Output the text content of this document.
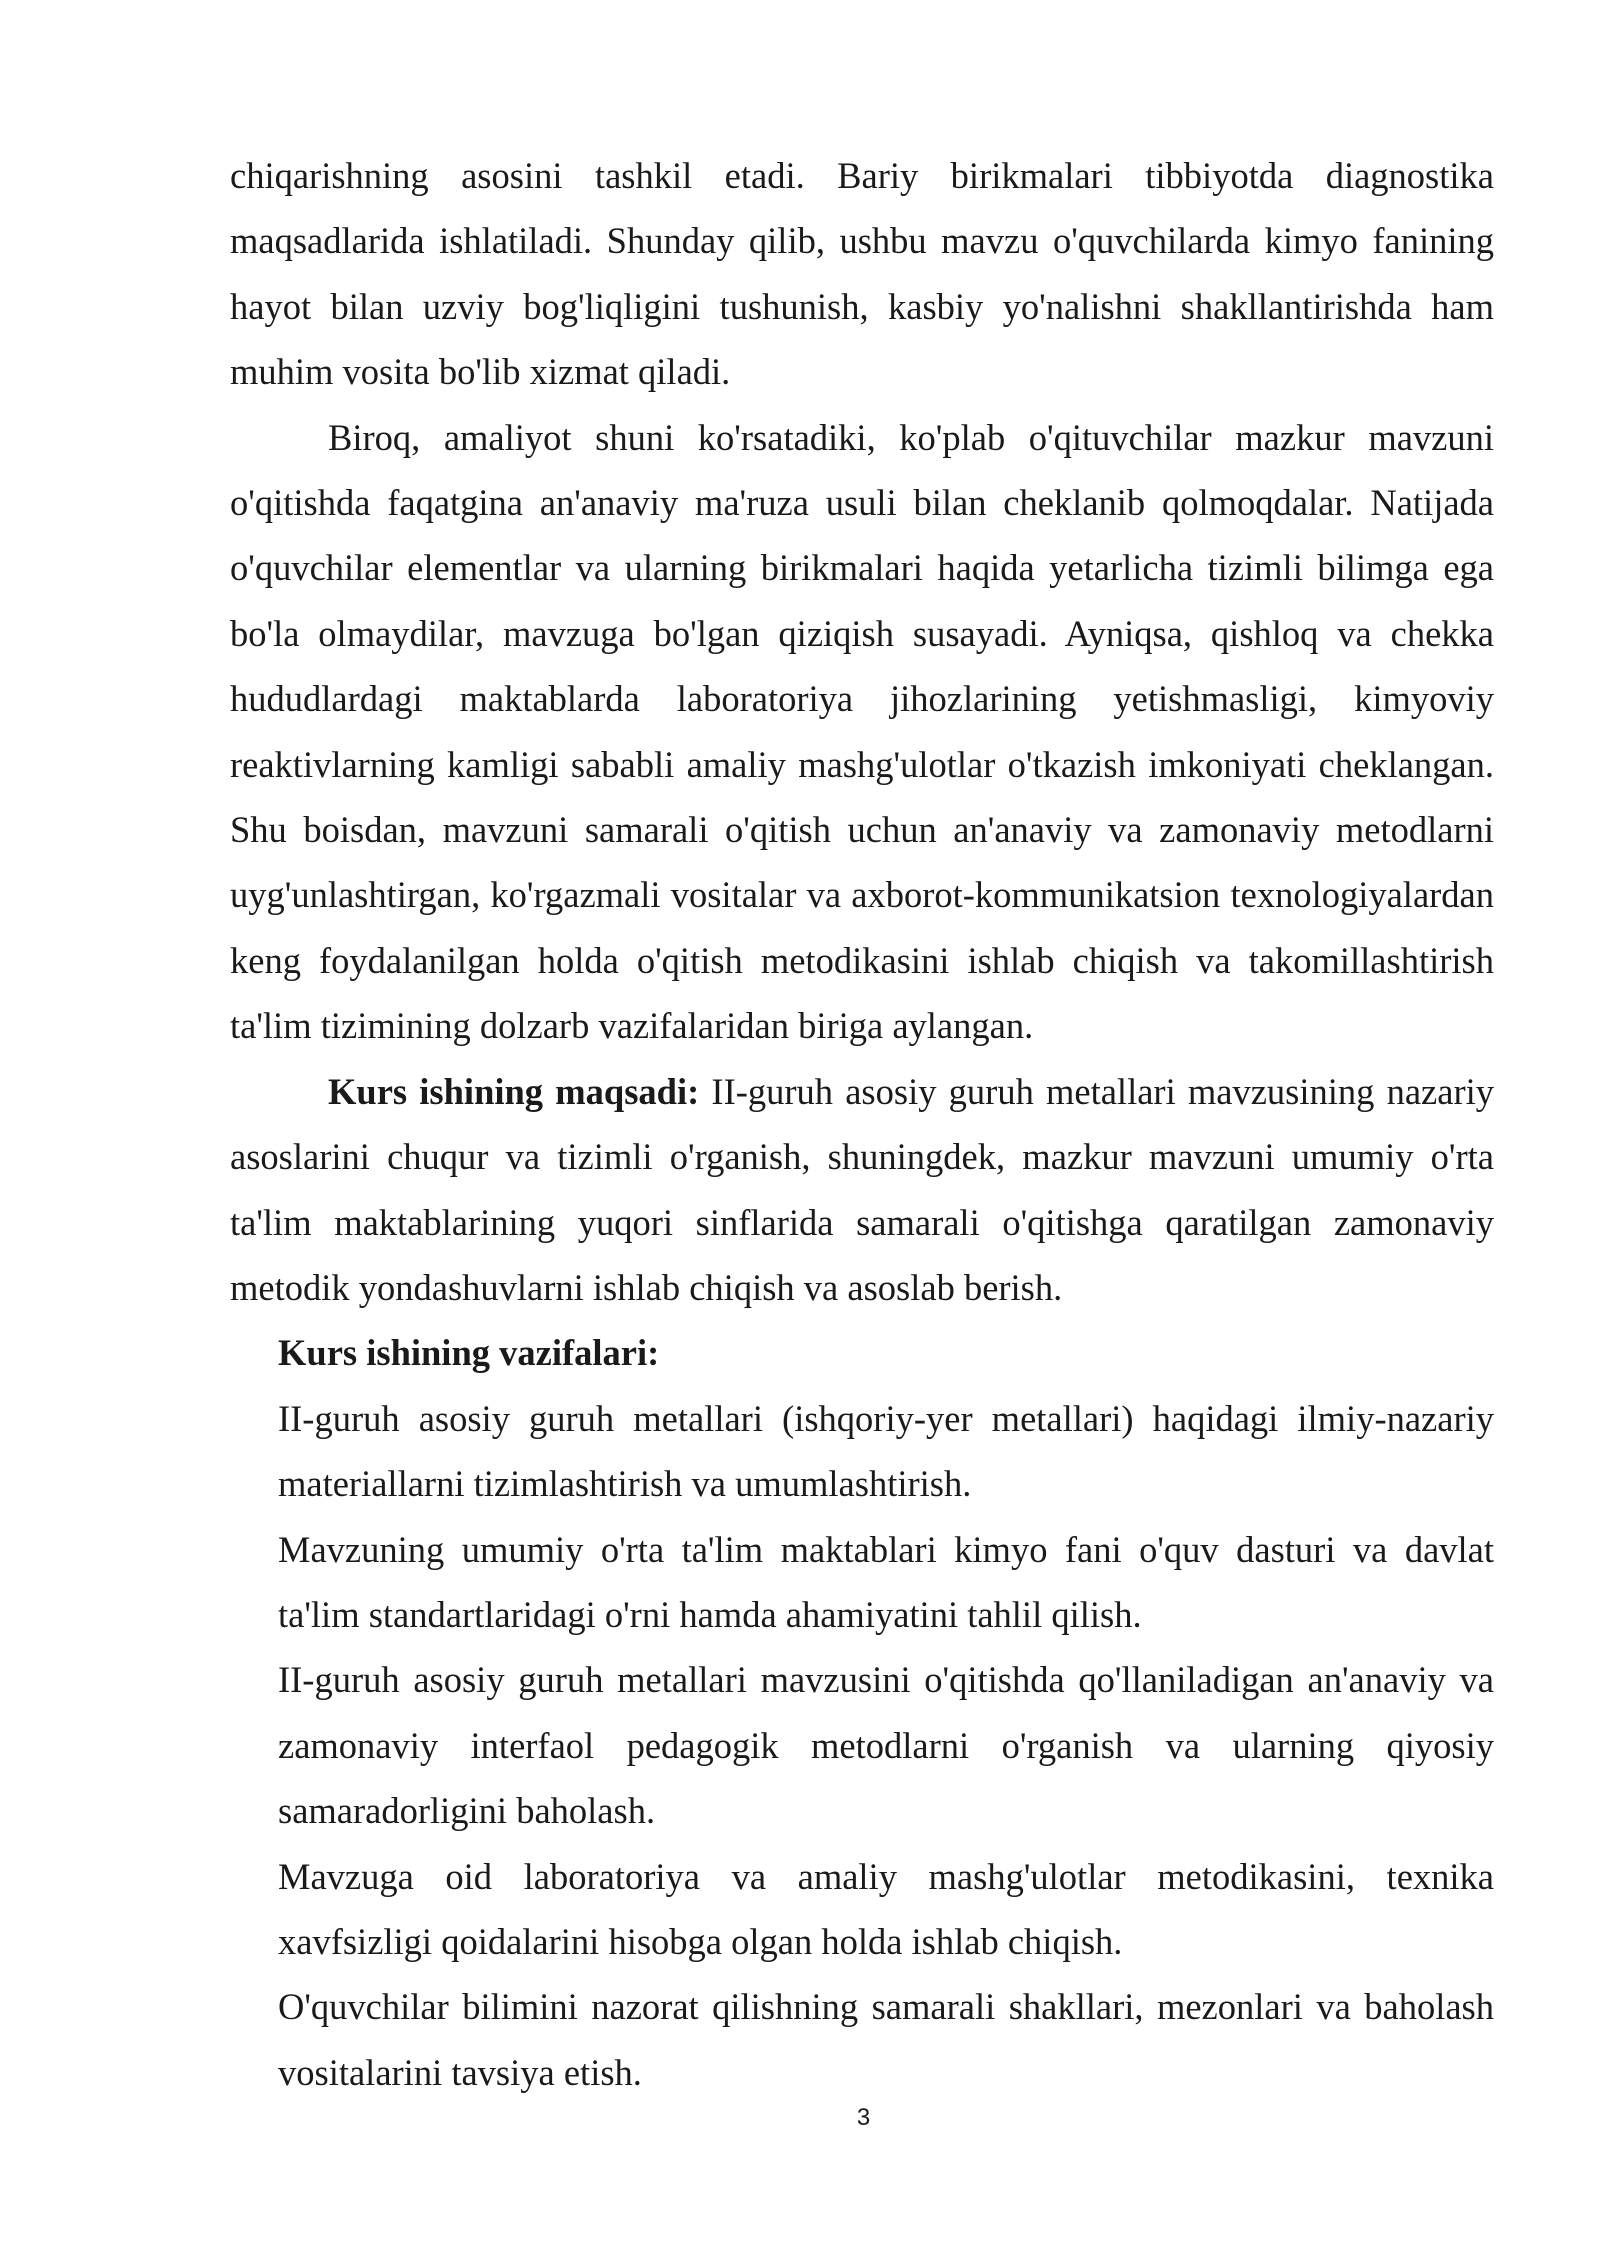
chiqarishning asosini tashkil etadi. Bariy birikmalari tibbiyotda diagnostika maqsadlarida ishlatiladi. Shunday qilib, ushbu mavzu o'quvchilarda kimyo fanining hayot bilan uzviy bog'liqligini tushunish, kasbiy yo'nalishni shakllantirishda ham muhim vosita bo'lib xizmat qiladi.

Biroq, amaliyot shuni ko'rsatadiki, ko'plab o'qituvchilar mazkur mavzuni o'qitishda faqatgina an'anaviy ma'ruza usuli bilan cheklanib qolmoqdalar. Natijada o'quvchilar elementlar va ularning birikmalari haqida yetarlicha tizimli bilimga ega bo'la olmaydilar, mavzuga bo'lgan qiziqish susayadi. Ayniqsa, qishloq va chekka hududlardagi maktablarda laboratoriya jihozlarining yetishmasligi, kimyoviy reaktivlarning kamligi sababli amaliy mashg'ulotlar o'tkazish imkoniyati cheklangan. Shu boisdan, mavzuni samarali o'qitish uchun an'anaviy va zamonaviy metodlarni uyg'unlashtirgan, ko'rgazmali vositalar va axborot-kommunikatsion texnologiyalardan keng foydalanilgan holda o'qitish metodikasini ishlab chiqish va takomillashtirish ta'lim tizimining dolzarb vazifalaridan biriga aylangan.

Kurs ishining maqsadi: II-guruh asosiy guruh metallari mavzusining nazariy asoslarini chuqur va tizimli o'rganish, shuningdek, mazkur mavzuni umumiy o'rta ta'lim maktablarining yuqori sinflarida samarali o'qitishga qaratilgan zamonaviy metodik yondashuvlarni ishlab chiqish va asoslab berish.

Kurs ishining vazifalari:

II-guruh asosiy guruh metallari (ishqoriy-yer metallari) haqidagi ilmiy-nazariy materiallarni tizimlashtirish va umumlashtirish.
Mavzuning umumiy o'rta ta'lim maktablari kimyo fani o'quv dasturi va davlat ta'lim standartlaridagi o'rni hamda ahamiyatini tahlil qilish.
II-guruh asosiy guruh metallari mavzusini o'qitishda qo'llaniladigan an'anaviy va zamonaviy interfaol pedagogik metodlarni o'rganish va ularning qiyosiy samaradorligini baholash.
Mavzuga oid laboratoriya va amaliy mashg'ulotlar metodikasini, texnika xavfsizligi qoidalarini hisobga olgan holda ishlab chiqish.
O'quvchilar bilimini nazorat qilishning samarali shakllari, mezonlari va baholash vositalarini tavsiya etish.
3
